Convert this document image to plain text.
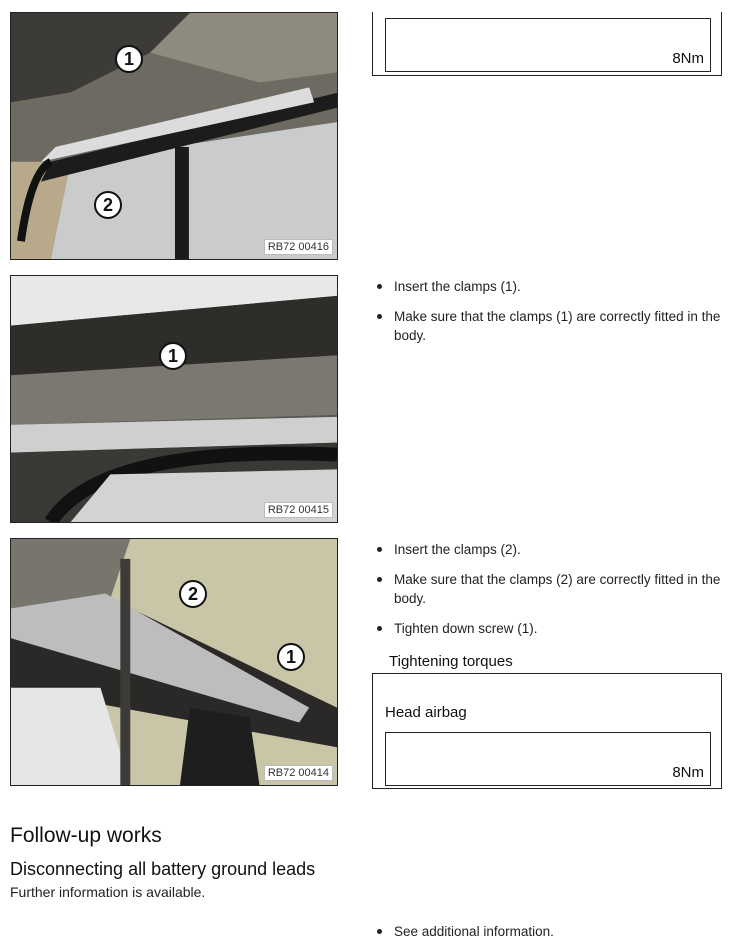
1
2
RB72 00416
8Nm
1
RB72 00415
Insert the clamps (1).
Make sure that the clamps (1) are correctly fitted in the body.
2
1
RB72 00414
Insert the clamps (2).
Make sure that the clamps (2) are correctly fitted in the body.
Tighten down screw (1).
Tightening torques
Head airbag
8Nm
Follow-up works
Disconnecting all battery ground leads

Further information is available.

See additional information.
